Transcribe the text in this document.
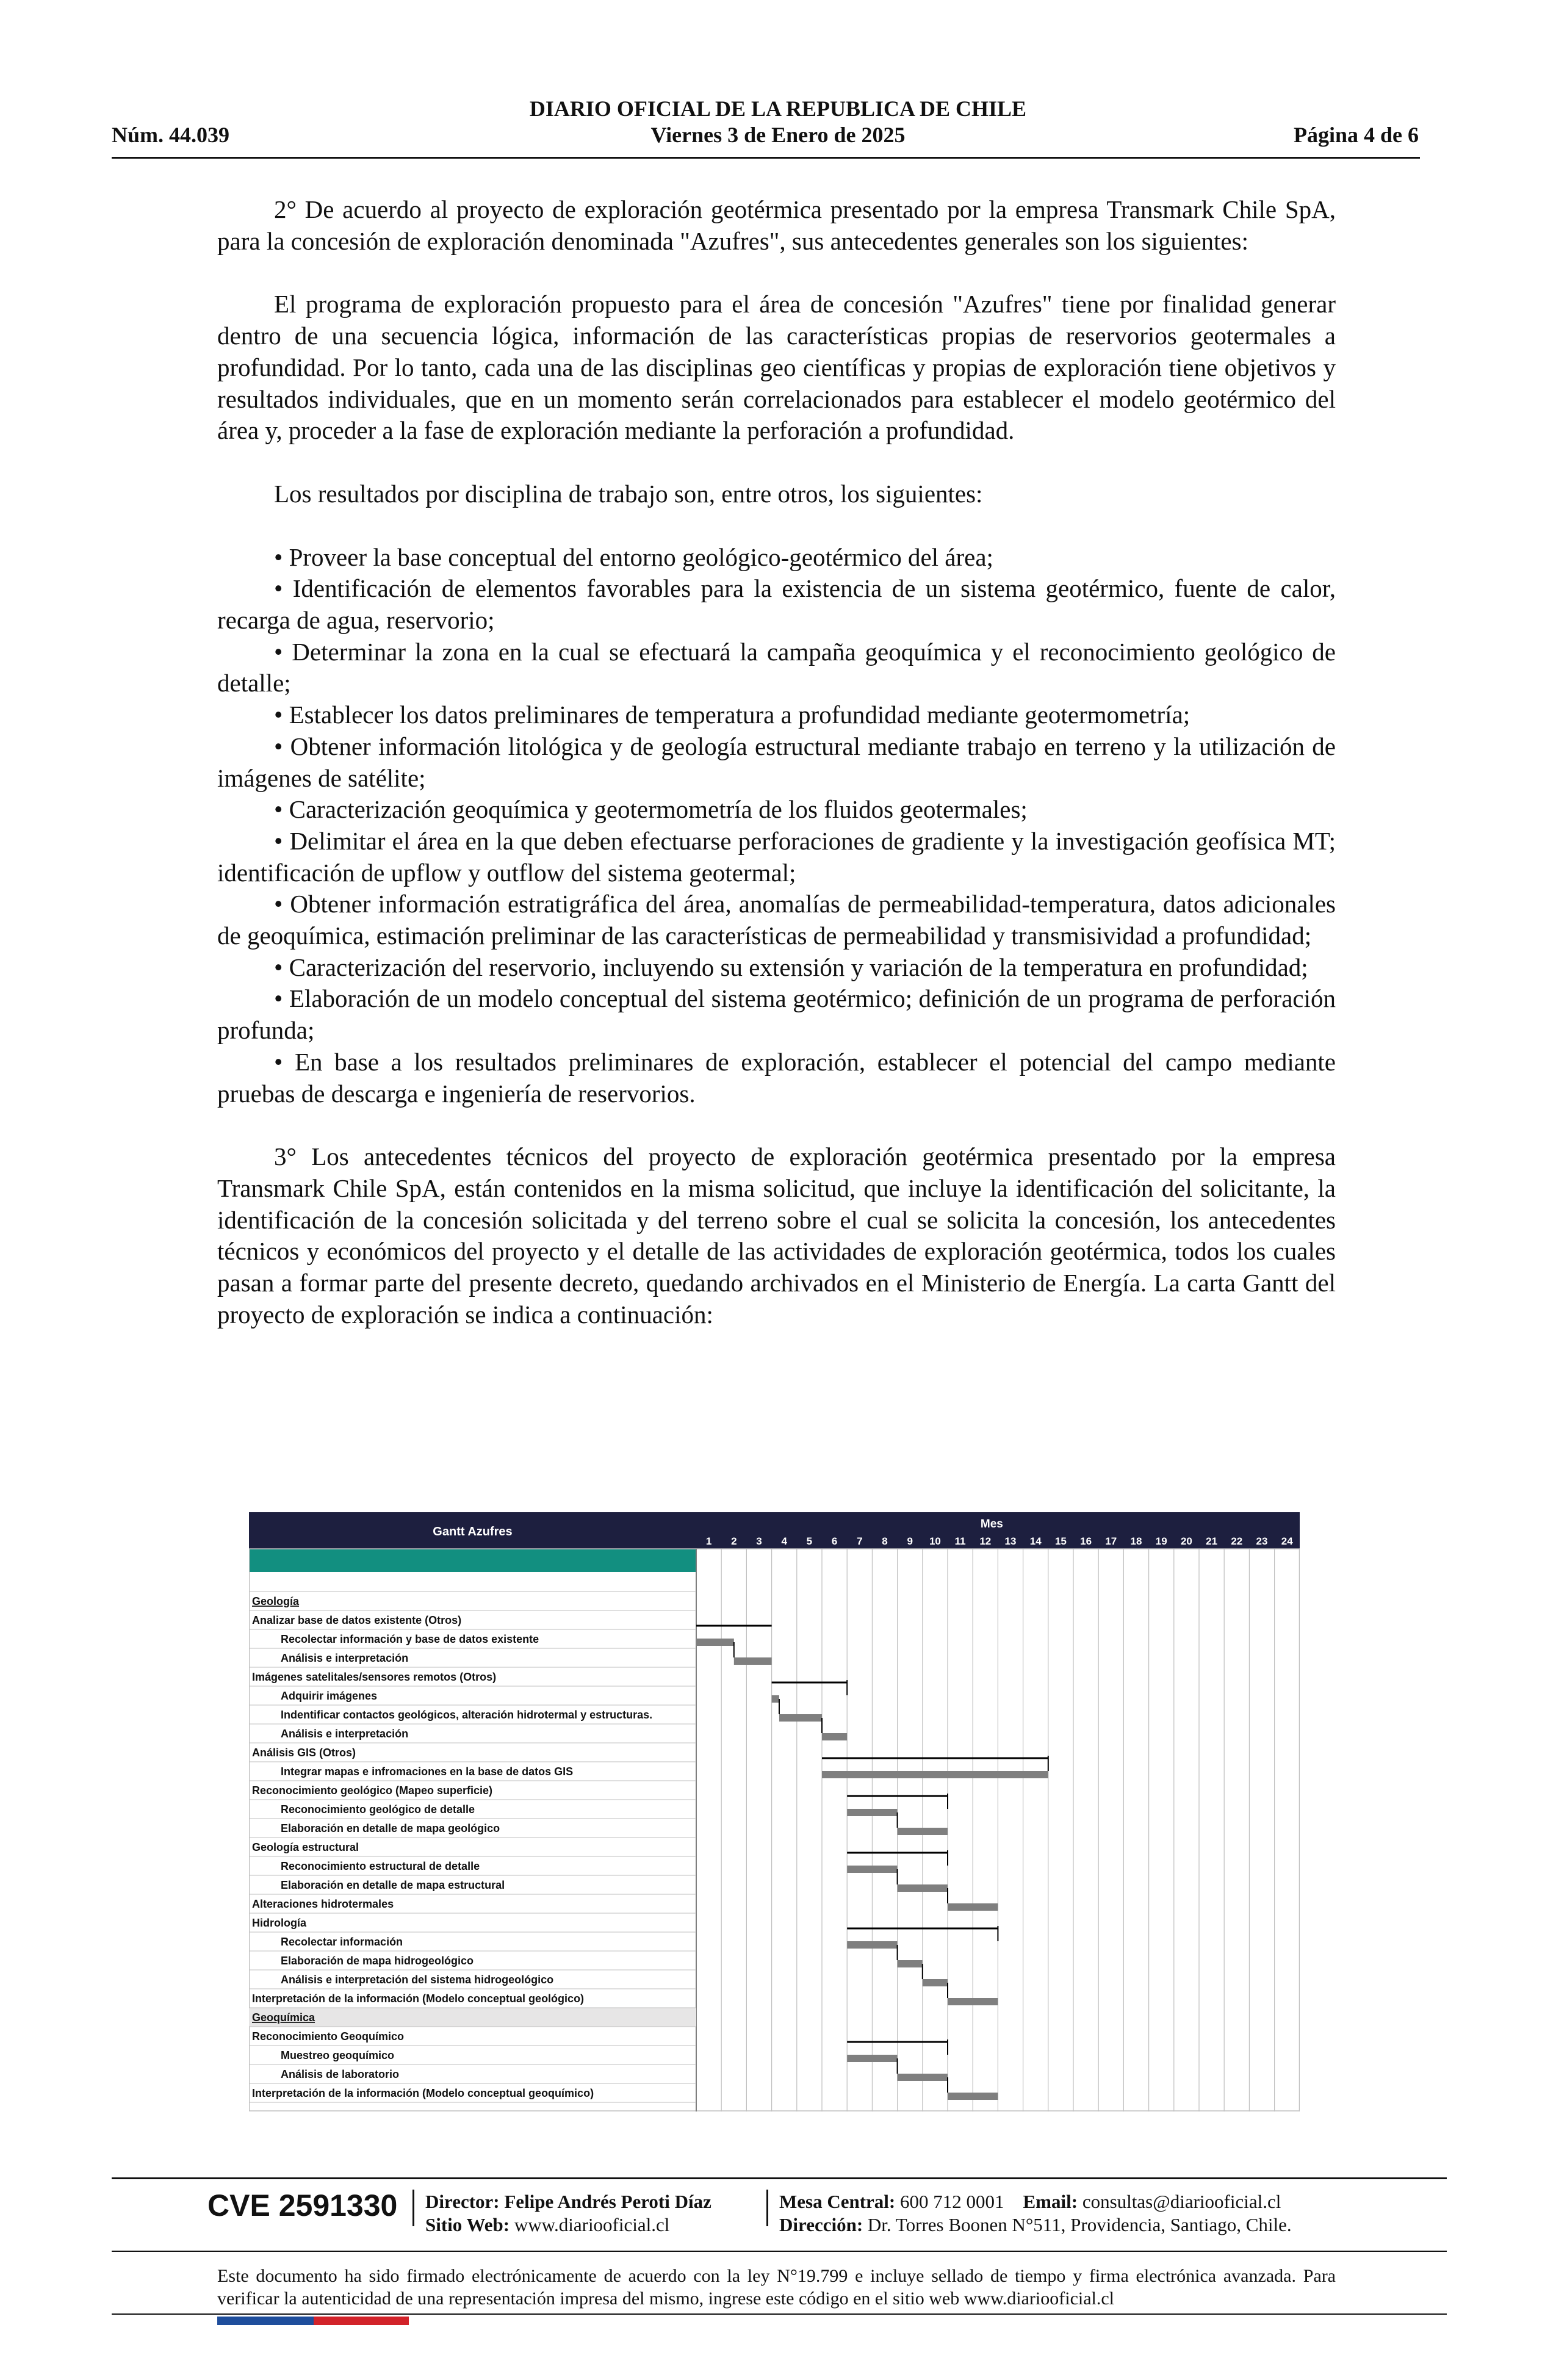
DIARIO OFICIAL DE LA REPUBLICA DE CHILE
Núm. 44.039	Viernes 3 de Enero de 2025	Página 4 de 6

2° De acuerdo al proyecto de exploración geotérmica presentado por la empresa Transmark Chile SpA, para la concesión de exploración denominada "Azufres", sus antecedentes generales son los siguientes:

El programa de exploración propuesto para el área de concesión "Azufres" tiene por finalidad generar dentro de una secuencia lógica, información de las características propias de reservorios geotermales a profundidad. Por lo tanto, cada una de las disciplinas geo científicas y propias de exploración tiene objetivos y resultados individuales, que en un momento serán correlacionados para establecer el modelo geotérmico del área y, proceder a la fase de exploración mediante la perforación a profundidad.

Los resultados por disciplina de trabajo son, entre otros, los siguientes:

• Proveer la base conceptual del entorno geológico-geotérmico del área;

• Identificación de elementos favorables para la existencia de un sistema geotérmico, fuente de calor, recarga de agua, reservorio;

• Determinar la zona en la cual se efectuará la campaña geoquímica y el reconocimiento geológico de detalle;

• Establecer los datos preliminares de temperatura a profundidad mediante geotermometría;

• Obtener información litológica y de geología estructural mediante trabajo en terreno y la utilización de imágenes de satélite;

• Caracterización geoquímica y geotermometría de los fluidos geotermales;

• Delimitar el área en la que deben efectuarse perforaciones de gradiente y la investigación geofísica MT; identificación de upflow y outflow del sistema geotermal;

• Obtener información estratigráfica del área, anomalías de permeabilidad-temperatura, datos adicionales de geoquímica, estimación preliminar de las características de permeabilidad y transmisividad a profundidad;

• Caracterización del reservorio, incluyendo su extensión y variación de la temperatura en profundidad;

• Elaboración de un modelo conceptual del sistema geotérmico; definición de un programa de perforación profunda;

• En base a los resultados preliminares de exploración, establecer el potencial del campo mediante pruebas de descarga e ingeniería de reservorios.

3° Los antecedentes técnicos del proyecto de exploración geotérmica presentado por la empresa Transmark Chile SpA, están contenidos en la misma solicitud, que incluye la identificación del solicitante, la identificación de la concesión solicitada y del terreno sobre el cual se solicita la concesión, los antecedentes técnicos y económicos del proyecto y el detalle de las actividades de exploración geotérmica, todos los cuales pasan a formar parte del presente decreto, quedando archivados en el Ministerio de Energía. La carta Gantt del proyecto de exploración se indica a continuación:

Gantt Azufres
Mes
1 2 3 4 5 6 7 8 9 10 11 12 13 14 15 16 17 18 19 20 21 22 23 24
Geología
Analizar base de datos existente (Otros)
Recolectar información y base de datos existente
Análisis e interpretación
Imágenes satelitales/sensores remotos (Otros)
Adquirir imágenes
Indentificar contactos geológicos, alteración hidrotermal y estructuras.
Análisis e interpretación
Análisis GIS (Otros)
Integrar mapas e infromaciones en la base de datos GIS
Reconocimiento geológico (Mapeo superficie)
Reconocimiento geológico de detalle
Elaboración en detalle de mapa geológico
Geología estructural
Reconocimiento estructural de detalle
Elaboración en detalle de mapa estructural
Alteraciones hidrotermales
Hidrología
Recolectar información
Elaboración de mapa hidrogeológico
Análisis e interpretación del sistema hidrogeológico
Interpretación de la información (Modelo conceptual geológico)
Geoquímica
Reconocimiento Geoquímico
Muestreo geoquímico
Análisis de laboratorio
Interpretación de la información (Modelo conceptual geoquímico)
CVE 2591330 Director: Felipe Andrés Peroti Díaz
Sitio Web: www.diariooficial.cl
Mesa Central: 600 712 0001 Email: consultas@diariooficial.cl
Dirección: Dr. Torres Boonen N°511, Providencia, Santiago, Chile.
Este documento ha sido firmado electrónicamente de acuerdo con la ley N°19.799 e incluye sellado de tiempo y firma electrónica avanzada. Para verificar la autenticidad de una representación impresa del mismo, ingrese este código en el sitio web www.diariooficial.cl
